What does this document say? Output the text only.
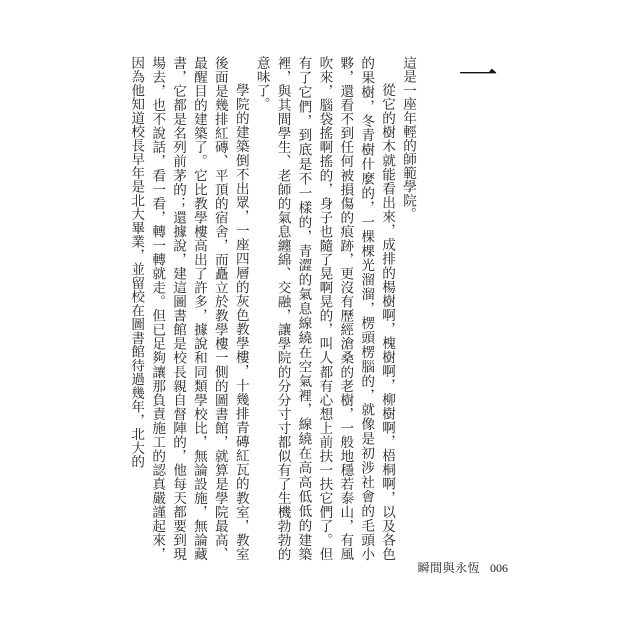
一

這是一座年輕的師範學院。

從它的樹木就能看出來，成排的楊樹啊，槐樹啊，柳樹啊，梧桐啊，以及各色的果樹，冬青樹什麼的，一棵棵光溜溜，楞頭楞腦的，就像是初涉社會的毛頭小夥，還看不到任何被損傷的痕跡，更沒有歷經滄桑的老樹，一般地穩若泰山，有風吹來，腦袋搖啊搖的，身子也隨了晃啊晃的，叫人都有心想上前扶一扶它們了。但有了它們，到底是不一樣的，青澀的氣息線繞在空氣裡，線繞在高高低低的建築裡，與其間學生、老師的氣息纏綿、交融，讓學院的分分寸寸都似有了生機勃勃的意味了。

學院的建築倒不出眾，一座四層的灰色教學樓，十幾排青磚紅瓦的教室，教室後面是幾排紅磚、平頂的宿舍，而矗立於教學樓一側的圖書館，就算是學院最高、最醒目的建築了。它比教學樓高出了許多，據說和同類學校比，無論設施，無論藏書，它都是名列前茅的；還據說，建這圖書館是校長親自督陣的，他每天都要到現場去，也不說話，看一看，轉一轉就走。但已足夠讓那負責施工的認真嚴謹起來，因為他知道校長早年是北大畢業，並留校在圖書館待過幾年，北大的

瞬間與永恆 006
